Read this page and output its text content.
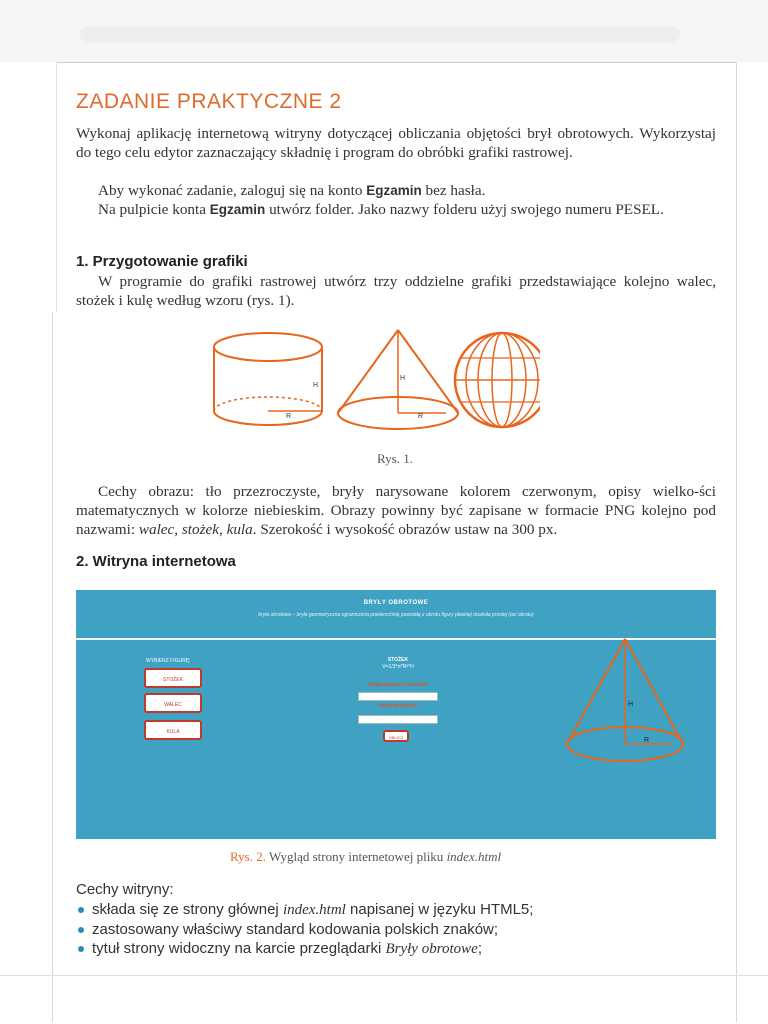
ZADANIE PRAKTYCZNE 2
Wykonaj aplikację internetową witryny dotyczącej obliczania objętości brył obrotowych. Wykorzystaj do tego celu edytor zaznaczający składnię i program do obróbki grafiki rastrowej.
Aby wykonać zadanie, zaloguj się na konto Egzamin bez hasła.
Na pulpicie konta Egzamin utwórz folder. Jako nazwy folderu użyj swojego numeru PESEL.
1. Przygotowanie grafiki
W programie do grafiki rastrowej utwórz trzy oddzielne grafiki przedstawiające kolejno walec, stożek i kulę według wzoru (rys. 1).
H
R
H
R
Rys. 1.
Cechy obrazu: tło przezroczyste, bryły narysowane kolorem czerwonym, opisy wielko-ści matematycznych w kolorze niebieskim. Obrazy powinny być zapisane w formacie PNG kolejno pod nazwami: walec, stożek, kula. Szerokość i wysokość obrazów ustaw na 300 px.
2. Witryna internetowa
BRYŁY OBROTOWE
bryła obrotowa – bryła geometryczna ograniczona powierzchnią powstałą z obrotu figury płaskiej dookoła prostej (osi obrotu)
WYBIERZ FIGURĘ:
STOŻEK
WALEC
KULA
STOŻEK
V=1/3*π*R²*H
Podaj długość promienia:
Podaj wysokość:
OBLICZ
H
R
Rys. 2. Wygląd strony internetowej pliku index.html
Cechy witryny:
składa się ze strony głównej index.html napisanej w języku HTML5;
zastosowany właściwy standard kodowania polskich znaków;
tytuł strony widoczny na karcie przeglądarki Bryły obrotowe;
